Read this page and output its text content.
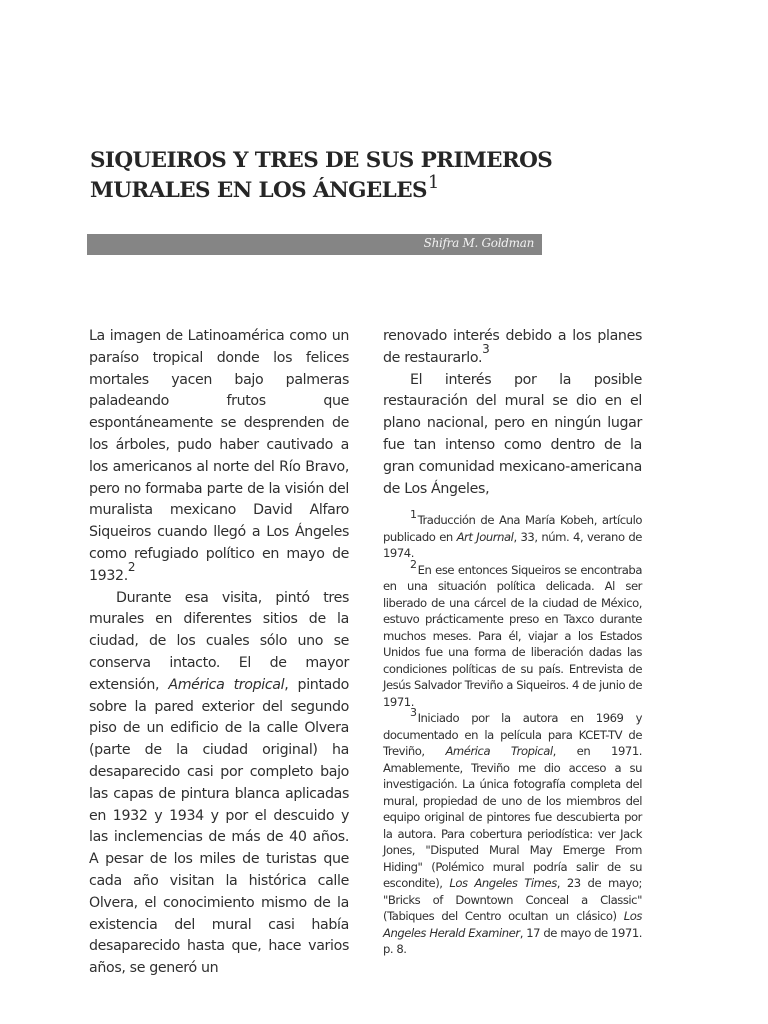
SIQUEIROS Y TRES DE SUS PRIMEROS
MURALES EN LOS ÁNGELES$^1$
Shifra M. Goldman

La imagen de Latinoamérica como un paraíso tropical donde los felices mortales yacen bajo palmeras paladeando frutos que espontáneamente se desprenden de los árboles, pudo haber cautivado a los americanos al norte del Río Bravo, pero no formaba parte de la visión del muralista mexicano David Alfaro Siqueiros cuando llegó a Los Ángeles como refugiado político en mayo de 1932.$^2$

Durante esa visita, pintó tres murales en diferentes sitios de la ciudad, de los cuales sólo uno se conserva intacto. El de mayor extensión, América tropical, pintado sobre la pared exterior del segundo piso de un edificio de la calle Olvera (parte de la ciudad original) ha desaparecido casi por completo bajo las capas de pintura blanca aplicadas en 1932 y 1934 y por el descuido y las inclemencias de más de 40 años. A pesar de los miles de turistas que cada año visitan la histórica calle Olvera, el conocimiento mismo de la existencia del mural casi había desaparecido hasta que, hace varios años, se generó un

renovado interés debido a los planes de restaurarlo.$^3$

El interés por la posible restauración del mural se dio en el plano nacional, pero en ningún lugar fue tan intenso como dentro de la gran comunidad mexicano-americana de Los Ángeles,

$^1$Traducción de Ana María Kobeh, artículo publicado en Art Journal, 33, núm. 4, verano de 1974.

$^2$En ese entonces Siqueiros se encontraba en una situación política delicada. Al ser liberado de una cárcel de la ciudad de México, estuvo prácticamente preso en Taxco durante muchos meses. Para él, viajar a los Estados Unidos fue una forma de liberación dadas las condiciones políticas de su país. Entrevista de Jesús Salvador Treviño a Siqueiros. 4 de junio de 1971.

$^3$Iniciado por la autora en 1969 y documentado en la película para KCET-TV de Treviño, América Tropical, en 1971. Amablemente, Treviño me dio acceso a su investigación. La única fotografía completa del mural, propiedad de uno de los miembros del equipo original de pintores fue descubierta por la autora. Para cobertura periodística: ver Jack Jones, "Disputed Mural May Emerge From Hiding" (Polémico mural podría salir de su escondite), Los Angeles Times, 23 de mayo; "Bricks of Downtown Conceal a Classic" (Tabiques del Centro ocultan un clásico) Los Angeles Herald Examiner, 17 de mayo de 1971. p. 8.
